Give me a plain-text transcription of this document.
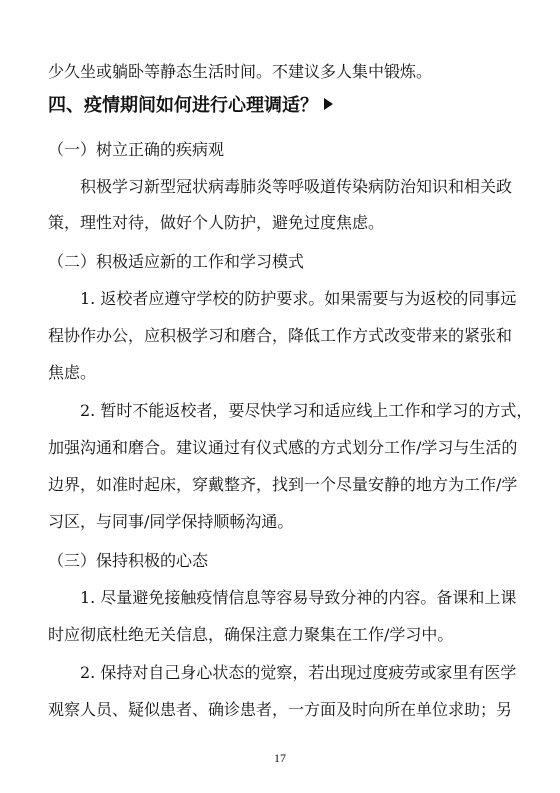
少久坐或躺卧等静态生活时间。不建议多人集中锻炼。
四、疫情期间如何进行心理调适？
（一）树立正确的疾病观
积极学习新型冠状病毒肺炎等呼吸道传染病防治知识和相关政
策，理性对待，做好个人防护，避免过度焦虑。
（二）积极适应新的工作和学习模式
1. 返校者应遵守学校的防护要求。如果需要与为返校的同事远
程协作办公，应积极学习和磨合，降低工作方式改变带来的紧张和
焦虑。
2. 暂时不能返校者，要尽快学习和适应线上工作和学习的方式，
加强沟通和磨合。建议通过有仪式感的方式划分工作/学习与生活的
边界，如准时起床，穿戴整齐，找到一个尽量安静的地方为工作/学
习区，与同事/同学保持顺畅沟通。
（三）保持积极的心态
1. 尽量避免接触疫情信息等容易导致分神的内容。备课和上课
时应彻底杜绝无关信息，确保注意力聚集在工作/学习中。
2. 保持对自己身心状态的觉察，若出现过度疲劳或家里有医学
观察人员、疑似患者、确诊患者，一方面及时向所在单位求助；另
17
